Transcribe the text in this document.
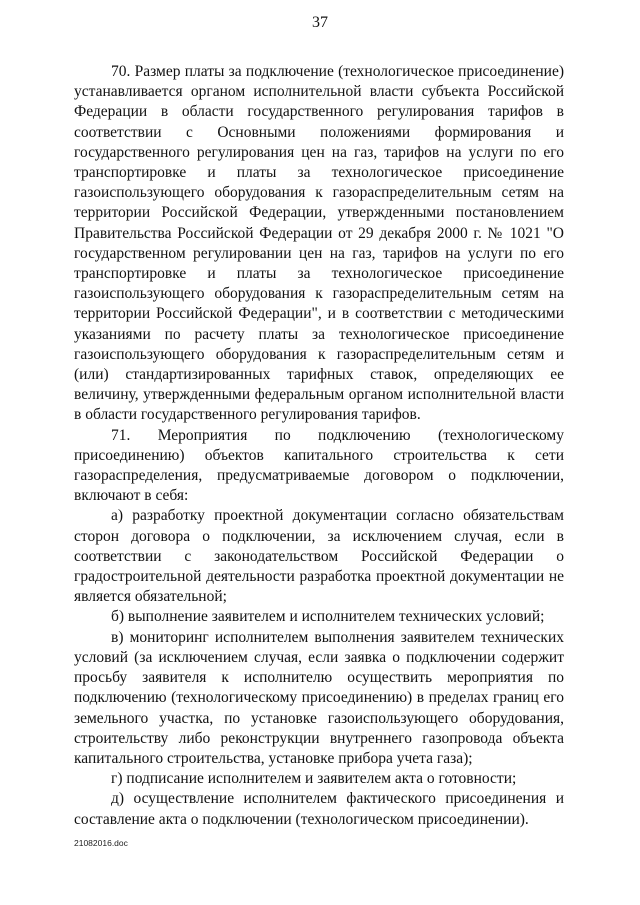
37

70. Размер платы за подключение (технологическое присоединение) устанавливается органом исполнительной власти субъекта Российской Федерации в области государственного регулирования тарифов в соответствии с Основными положениями формирования и государственного регулирования цен на газ, тарифов на услуги по его транспортировке и платы за технологическое присоединение газоиспользующего оборудования к газораспределительным сетям на территории Российской Федерации, утвержденными постановлением Правительства Российской Федерации от 29 декабря 2000 г. № 1021 "О государственном регулировании цен на газ, тарифов на услуги по его транспортировке и платы за технологическое присоединение газоиспользующего оборудования к газораспределительным сетям на территории Российской Федерации", и в соответствии с методическими указаниями по расчету платы за технологическое присоединение газоиспользующего оборудования к газораспределительным сетям и (или) стандартизированных тарифных ставок, определяющих ее величину, утвержденными федеральным органом исполнительной власти в области государственного регулирования тарифов.

71. Мероприятия по подключению (технологическому присоединению) объектов капитального строительства к сети газораспределения, предусматриваемые договором о подключении, включают в себя:

а) разработку проектной документации согласно обязательствам сторон договора о подключении, за исключением случая, если в соответствии с законодательством Российской Федерации о градостроительной деятельности разработка проектной документации не является обязательной;

б) выполнение заявителем и исполнителем технических условий;

в) мониторинг исполнителем выполнения заявителем технических условий (за исключением случая, если заявка о подключении содержит просьбу заявителя к исполнителю осуществить мероприятия по подключению (технологическому присоединению) в пределах границ его земельного участка, по установке газоиспользующего оборудования, строительству либо реконструкции внутреннего газопровода объекта капитального строительства, установке прибора учета газа);

г) подписание исполнителем и заявителем акта о готовности;

д) осуществление исполнителем фактического присоединения и составление акта о подключении (технологическом присоединении).

21082016.doc
